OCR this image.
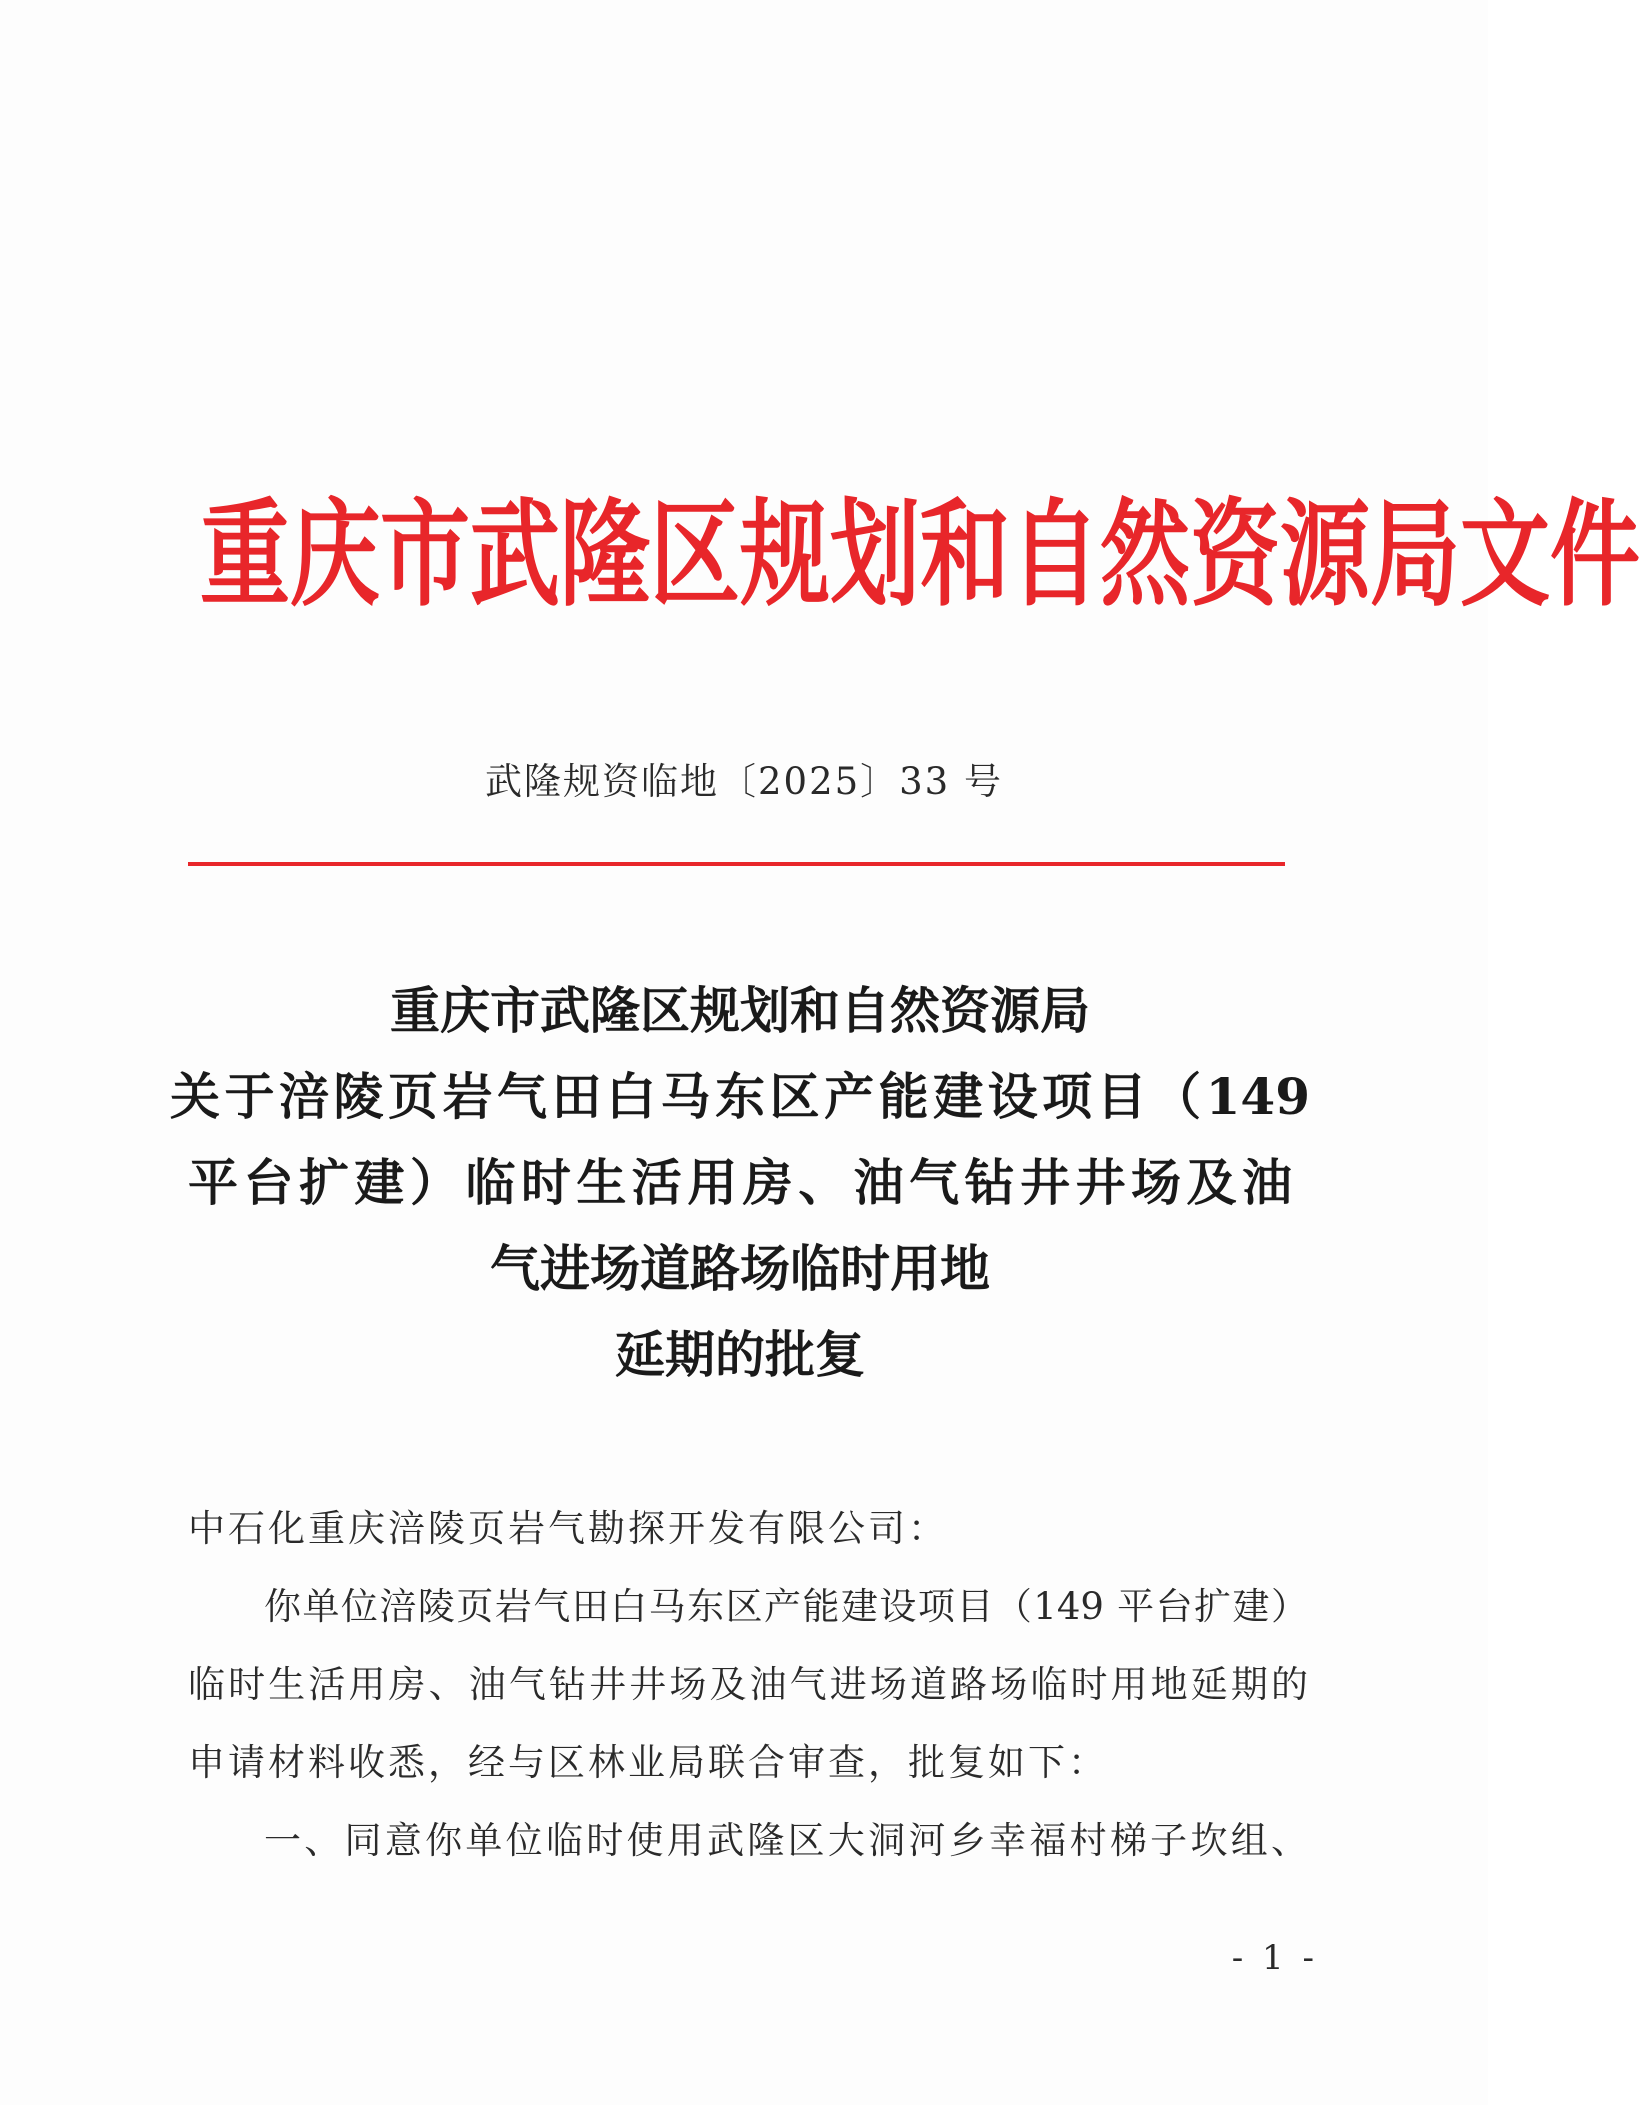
重庆市武隆区规划和自然资源局文件
武隆规资临地〔2025〕33 号
重庆市武隆区规划和自然资源局
关于涪陵页岩气田白马东区产能建设项目（149
平台扩建）临时生活用房、油气钻井井场及油
气进场道路场临时用地
延期的批复
中石化重庆涪陵页岩气勘探开发有限公司：
你单位涪陵页岩气田白马东区产能建设项目（149 平台扩建）
临时生活用房、油气钻井井场及油气进场道路场临时用地延期的
申请材料收悉，经与区林业局联合审查，批复如下：
一、同意你单位临时使用武隆区大洞河乡幸福村梯子坎组、
- 1 -
